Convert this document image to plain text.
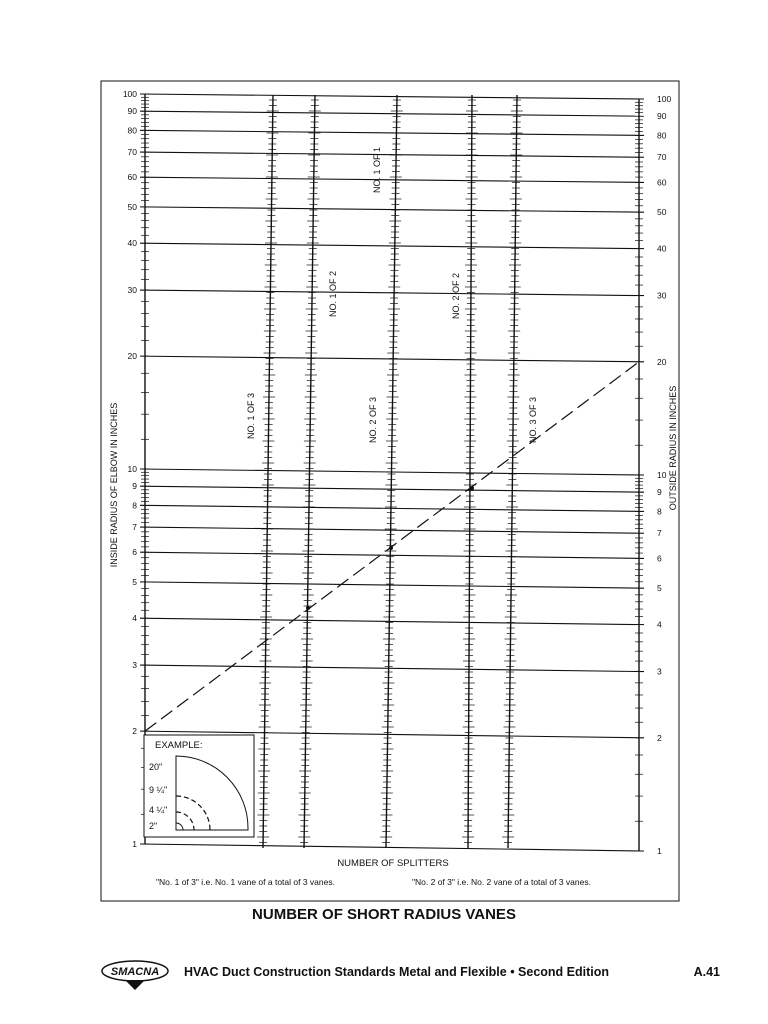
1
2
3
4
5
6
7
8
9
10
20
30
40
50
60
70
80
90
100
1
2
3
4
5
6
7
8
9
10
20
30
40
50
60
70
80
90
100
INSIDE RADIUS OF ELBOW IN INCHES	OUTSIDE RADIUS IN INCHES
NO. 1 OF 3
NO. 1 OF 2
NO. 2 OF 3
NO. 1 OF 1
NO. 2 OF 2
NO. 3 OF 3
EXAMPLE:
20"
9 ¼"
4 ¼"
2"
NUMBER OF SPLITTERS
"No. 1 of 3" i.e. No. 1 vane of a total of 3 vanes.	"No. 2 of 3" i.e. No. 2 vane of a total of 3 vanes.
NUMBER OF SHORT RADIUS VANES
SMACNA HVAC Duct Construction Standards Metal and Flexible • Second Edition	A.41
